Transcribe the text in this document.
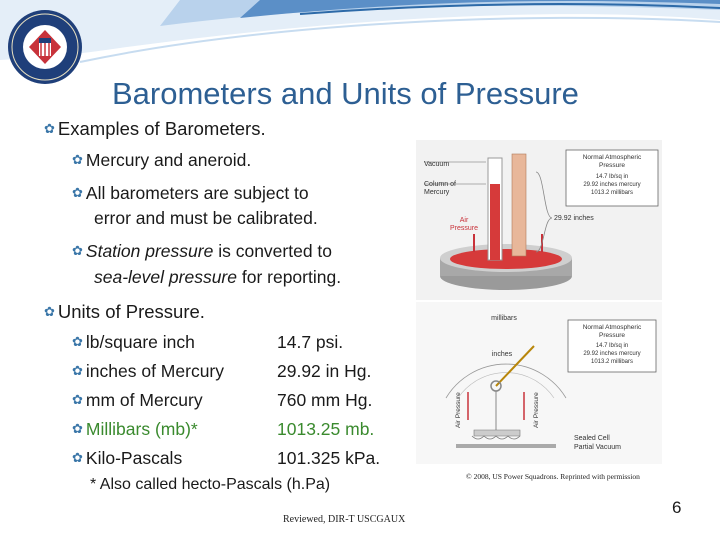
Barometers and Units of Pressure
✿ Examples of Barometers.
✿ Mercury and aneroid.
✿ All barometers are subject to
error and must be calibrated.
✿ Station pressure is converted to
sea-level pressure for reporting.
✿ Units of Pressure.
✿ lb/square inch	14.7 psi.
✿ inches of Mercury	29.92 in Hg.
✿ mm of Mercury	760 mm Hg.
✿ Millibars (mb)*	1013.25 mb.
✿ Kilo-Pascals	101.325 kPa.
* Also called hecto-Pascals (h.Pa)
Normal Atmospheric
Pressure
14.7 lb/sq in
29.92 inches mercury
1013.2 millibars
Vacuum
Column of
Mercury
Air
Pressure
29.92 inches
millibars
inches
Air Pressure
Air Pressure
Normal Atmospheric
Pressure
14.7 lb/sq in
29.92 inches mercury
1013.2 millibars
Sealed Cell
Partial Vacuum
© 2008, US Power Squadrons. Reprinted with permission
Reviewed, DIR-T USCGAUX
6
